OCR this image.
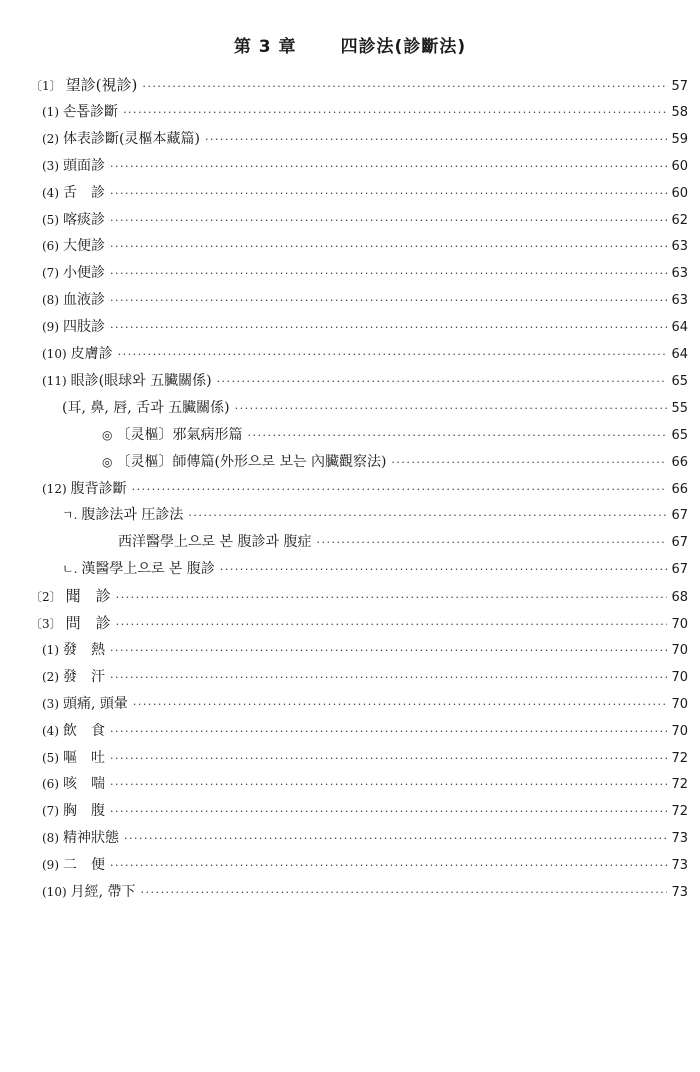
第 3 章	四診法(診斷法)
〔1〕 望診(視診) ·····	57
(1) 손톱診斷 ·····	58
(2) 体表診斷(灵樞本藏篇) ·····	59
(3) 頭面診 ·····	60
(4) 舌　診 ·····	60
(5) 喀痰診 ·····	62
(6) 大便診 ·····	63
(7) 小便診 ·····	63
(8) 血液診 ·····	63
(9) 四肢診 ·····	64
(10) 皮膚診 ·····	64
(11) 眼診(眼球와 五臟關係) ·····	65
(耳, 鼻, 唇, 舌과 五臟關係) ·····	55
◎ 〔灵樞〕邪氣病形篇 ·····	65
◎ 〔灵樞〕師傳篇(外形으로 보는 內臟觀察法) ·····	66
(12) 腹背診斷 ·····	66
ㄱ. 腹診法과 圧診法 ·····	67
西洋醫學上으로 본 腹診과 腹症 ·····	67
ㄴ. 漢醫學上으로 본 腹診 ·····	67
〔2〕 聞　診 ·····	68
〔3〕 問　診 ·····	70
(1) 發　熱 ·····	70
(2) 發　汗 ·····	70
(3) 頭痛, 頭暈 ·····	70
(4) 飲　食 ·····	70
(5) 嘔　吐 ·····	72
(6) 咳　喘 ·····	72
(7) 胸　腹 ·····	72
(8) 精神狀態 ·····	73
(9) 二　便 ·····	73
(10) 月經, 帶下 ·····	73
